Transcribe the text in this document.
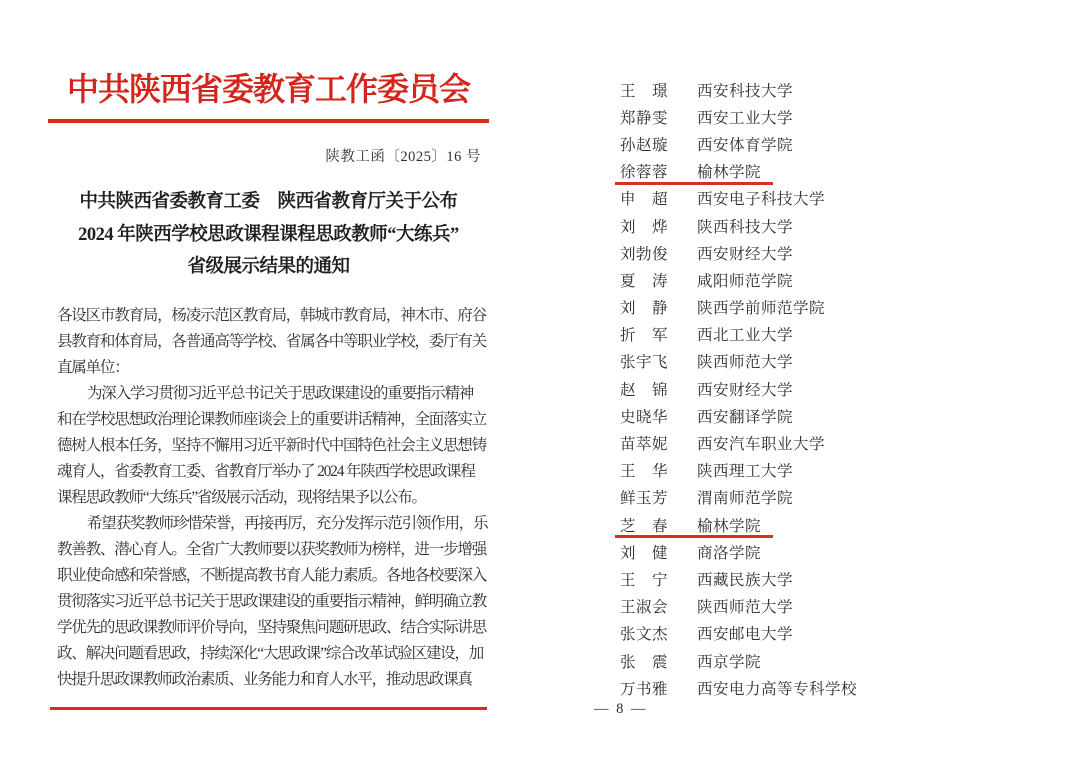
中共陕西省委教育工作委员会
陕教工函〔2025〕16 号
中共陕西省委教育工委　陕西省教育厅关于公布
2024 年陕西学校思政课程课程思政教师“大练兵”
省级展示结果的通知
各设区市教育局，杨凌示范区教育局，韩城市教育局，神木市、府谷
县教育和体育局，各普通高等学校、省属各中等职业学校，委厅有关
直属单位：
为深入学习贯彻习近平总书记关于思政课建设的重要指示精神
和在学校思想政治理论课教师座谈会上的重要讲话精神，全面落实立
德树人根本任务，坚持不懈用习近平新时代中国特色社会主义思想铸
魂育人，省委教育工委、省教育厅举办了 2024 年陕西学校思政课程
课程思政教师“大练兵”省级展示活动，现将结果予以公布。
希望获奖教师珍惜荣誉，再接再厉，充分发挥示范引领作用，乐
教善教、潜心育人。全省广大教师要以获奖教师为榜样，进一步增强
职业使命感和荣誉感，不断提高教书育人能力素质。各地各校要深入
贯彻落实习近平总书记关于思政课建设的重要指示精神，鲜明确立教
学优先的思政课教师评价导向，坚持聚焦问题研思政、结合实际讲思
政、解决问题看思政，持续深化“大思政课”综合改革试验区建设，加
快提升思政课教师政治素质、业务能力和育人水平，推动思政课真
王　璟	西安科技大学
郑静雯	西安工业大学
孙赵璇	西安体育学院
徐蓉蓉	榆林学院
申　超	西安电子科技大学
刘　烨	陕西科技大学
刘勃俊	西安财经大学
夏　涛	咸阳师范学院
刘　静	陕西学前师范学院
折　军	西北工业大学
张宇飞	陕西师范大学
赵　锦	西安财经大学
史晓华	西安翻译学院
苗萃妮	西安汽车职业大学
王　华	陕西理工大学
鲜玉芳	渭南师范学院
芝　春	榆林学院
刘　健	商洛学院
王　宁	西藏民族大学
王淑会	陕西师范大学
张文杰	西安邮电大学
张　震	西京学院
万书雅	西安电力高等专科学校
— 8 —
